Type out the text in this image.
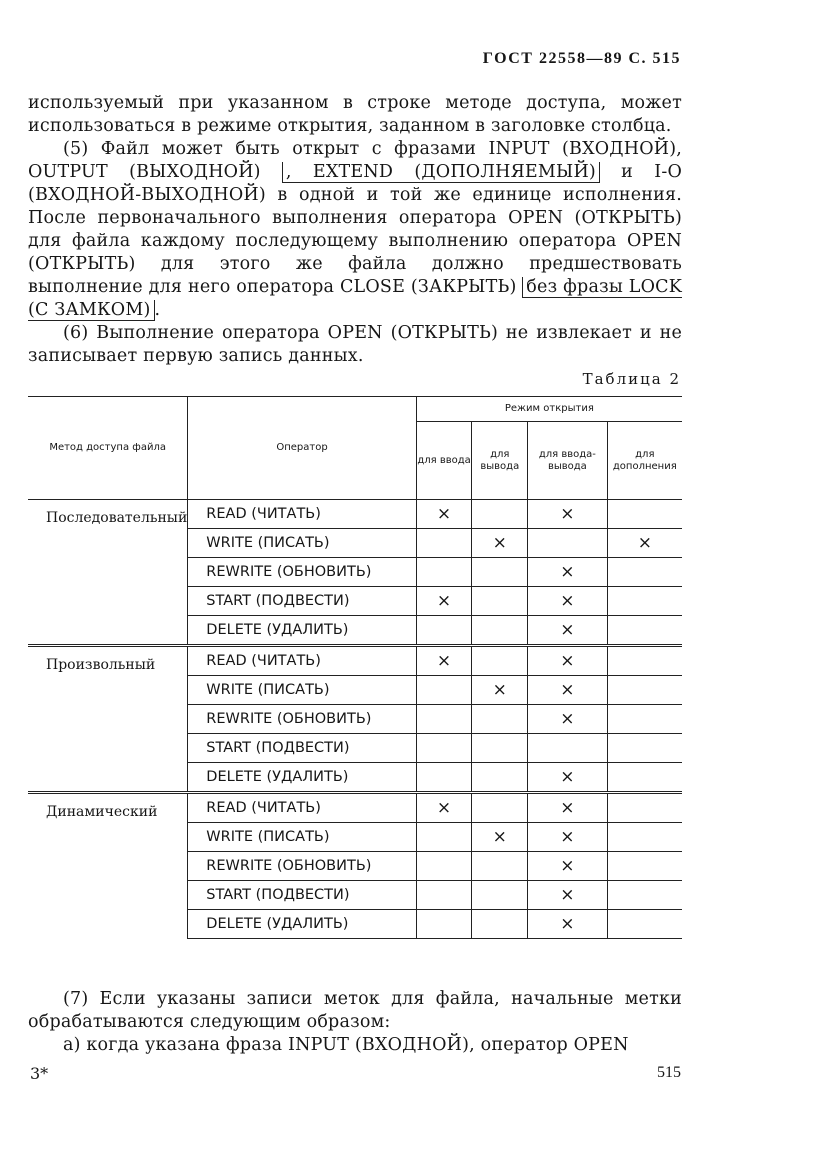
ГОСТ 22558—89 С. 515

используемый при указанном в строке методе доступа, может использоваться в режиме открытия, заданном в заголовке столбца.

(5) Файл может быть открыт с фразами INPUT (ВХОДНОЙ), OUTPUT (ВЫХОДНОЙ) , EXTEND (ДОПОЛНЯЕМЫЙ) и I-O (ВХОДНОЙ-ВЫХОДНОЙ) в одной и той же единице исполнения. После первоначального выполнения оператора OPEN (ОТКРЫТЬ) для файла каждому последующему выполнению оператора OPEN (ОТКРЫТЬ) для этого же файла должно предшествовать выполнение для него оператора CLOSE (ЗАКРЫТЬ) без фразы LOCK (С ЗАМКОМ) .

(6) Выполнение оператора OPEN (ОТКРЫТЬ) не извлекает и не записывает первую запись данных.

Таблица 2
Метод доступа файла	Оператор	Режим открытия			
		для ввода	для вывода	для ввода-вывода	для дополнения
Последовательный	READ (ЧИТАТЬ)	×		×	
	WRITE (ПИСАТЬ)		×		×
	REWRITE (ОБНОВИТЬ)			×	
	START (ПОДВЕСТИ)	×		×	
	DELETE (УДАЛИТЬ)			×	

Произвольный	READ (ЧИТАТЬ)	×		×	
	WRITE (ПИСАТЬ)		×	×	
	REWRITE (ОБНОВИТЬ)			×	
	START (ПОДВЕСТИ)				
	DELETE (УДАЛИТЬ)			×	

Динамический	READ (ЧИТАТЬ)	×		×	
	WRITE (ПИСАТЬ)		×	×	
	REWRITE (ОБНОВИТЬ)			×	
	START (ПОДВЕСТИ)			×	
	DELETE (УДАЛИТЬ)			×	

(7) Если указаны записи меток для файла, начальные метки обрабатываются следующим образом:

а) когда указана фраза INPUT (ВХОДНОЙ), оператор OPEN

3*	515
